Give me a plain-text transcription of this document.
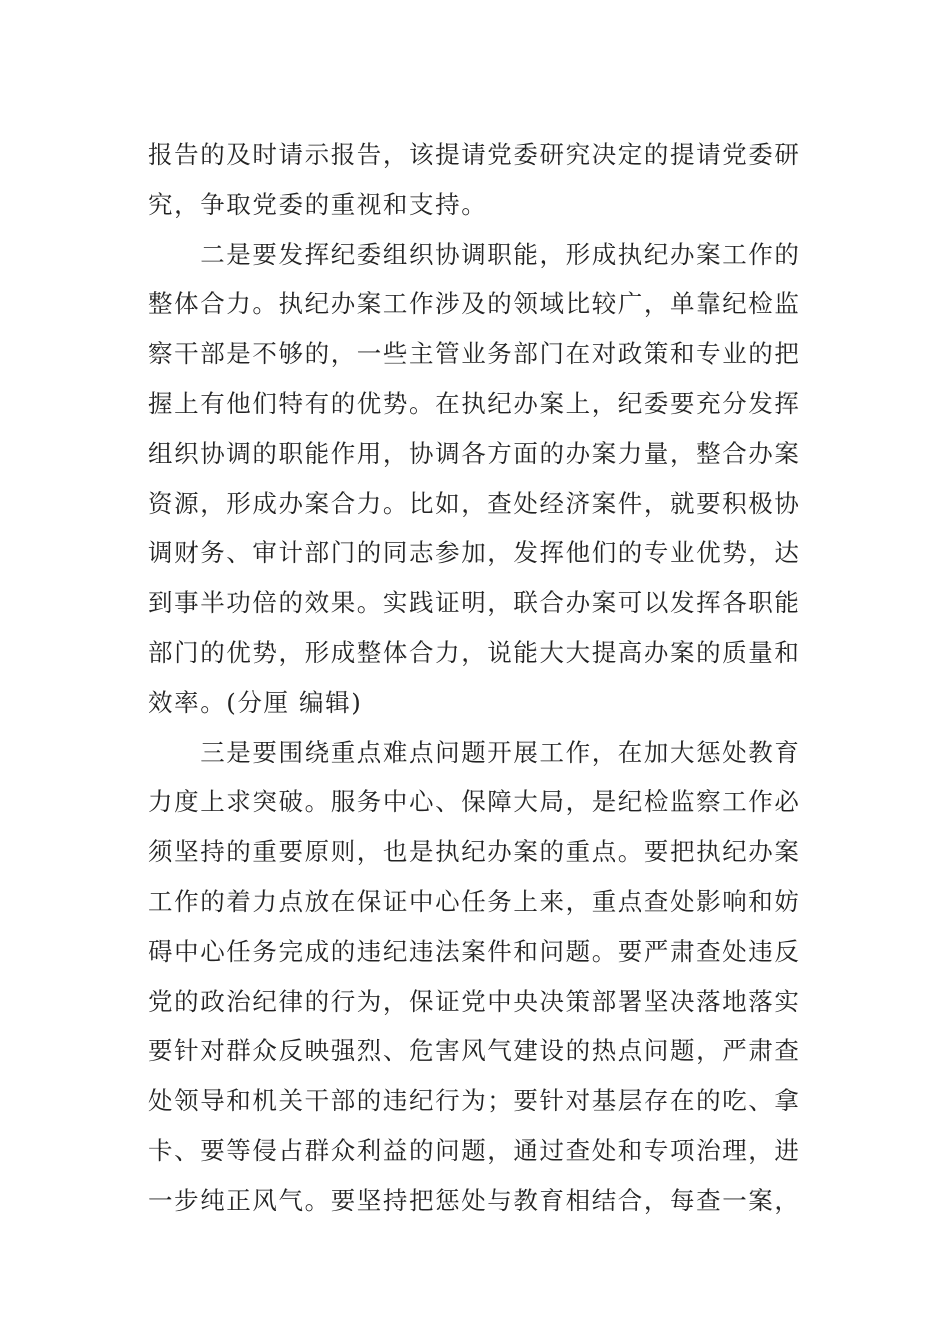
报告的及时请示报告，该提请党委研究决定的提请党委研
究，争取党委的重视和支持。
　　二是要发挥纪委组织协调职能，形成执纪办案工作的
整体合力。执纪办案工作涉及的领域比较广，单靠纪检监
察干部是不够的，一些主管业务部门在对政策和专业的把
握上有他们特有的优势。在执纪办案上，纪委要充分发挥
组织协调的职能作用，协调各方面的办案力量，整合办案
资源，形成办案合力。比如，查处经济案件，就要积极协
调财务、审计部门的同志参加，发挥他们的专业优势，达
到事半功倍的效果。实践证明，联合办案可以发挥各职能
部门的优势，形成整体合力，说能大大提高办案的质量和
效率。(分厘 编辑)
　　三是要围绕重点难点问题开展工作，在加大惩处教育
力度上求突破。服务中心、保障大局，是纪检监察工作必
须坚持的重要原则，也是执纪办案的重点。要把执纪办案
工作的着力点放在保证中心任务上来，重点查处影响和妨
碍中心任务完成的违纪违法案件和问题。要严肃查处违反
党的政治纪律的行为，保证党中央决策部署坚决落地落实
要针对群众反映强烈、危害风气建设的热点问题，严肃查
处领导和机关干部的违纪行为；要针对基层存在的吃、拿
卡、要等侵占群众利益的问题，通过查处和专项治理，进
一步纯正风气。要坚持把惩处与教育相结合，每查一案，
